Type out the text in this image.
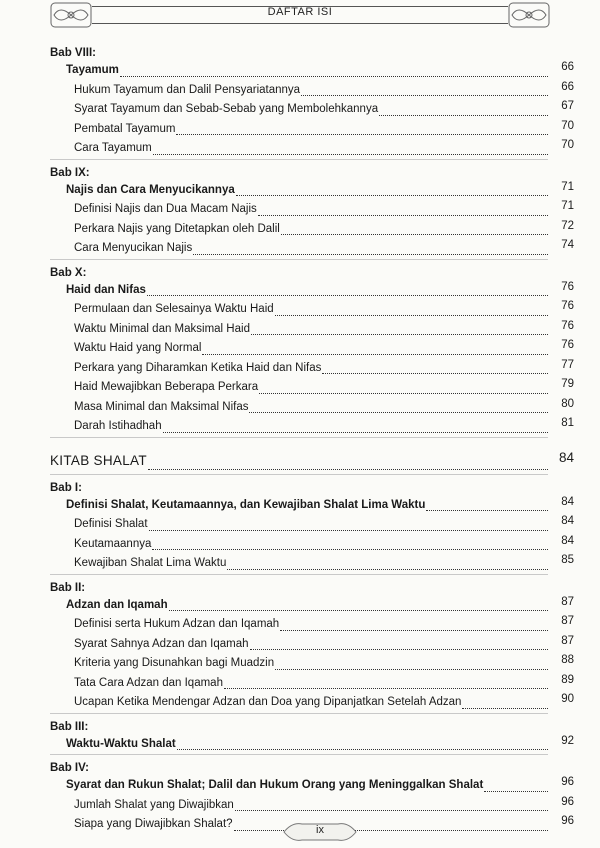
DAFTAR ISI
Bab VIII:
Tayamum	66
Hukum Tayamum dan Dalil Pensyariatannya	66
Syarat Tayamum dan Sebab-Sebab yang Membolehkannya	67
Pembatal Tayamum	70
Cara Tayamum	70
Bab IX:
Najis dan Cara Menyucikannya	71
Definisi Najis dan Dua Macam Najis	71
Perkara Najis yang Ditetapkan oleh Dalil	72
Cara Menyucikan Najis	74
Bab X:
Haid dan Nifas	76
Permulaan dan Selesainya Waktu Haid	76
Waktu Minimal dan Maksimal Haid	76
Waktu Haid yang Normal	76
Perkara yang Diharamkan Ketika Haid dan Nifas	77
Haid Mewajibkan Beberapa Perkara	79
Masa Minimal dan Maksimal Nifas	80
Darah Istihadhah	81
KITAB SHALAT	84
Bab I:
Definisi Shalat, Keutamaannya, dan Kewajiban Shalat Lima Waktu	84
Definisi Shalat	84
Keutamaannya	84
Kewajiban Shalat Lima Waktu	85
Bab II:
Adzan dan Iqamah	87
Definisi serta Hukum Adzan dan Iqamah	87
Syarat Sahnya Adzan dan Iqamah	87
Kriteria yang Disunahkan bagi Muadzin	88
Tata Cara Adzan dan Iqamah	89
Ucapan Ketika Mendengar Adzan dan Doa yang Dipanjatkan Setelah Adzan	90
Bab III:
Waktu-Waktu Shalat	92
Bab IV:
Syarat dan Rukun Shalat; Dalil dan Hukum Orang yang Meninggalkan Shalat	96
Jumlah Shalat yang Diwajibkan	96
Siapa yang Diwajibkan Shalat?	96
ix
